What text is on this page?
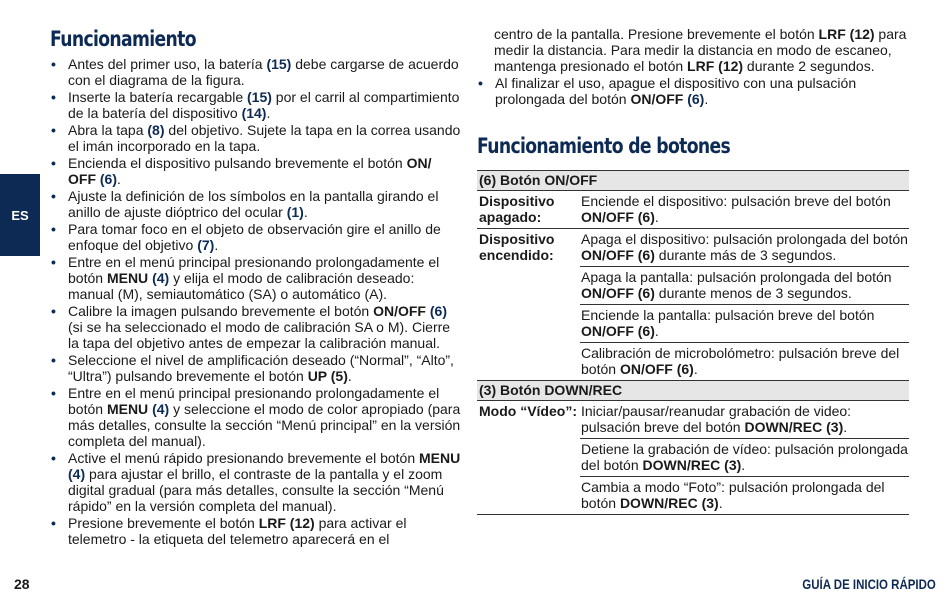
Funcionamiento
• Antes del primer uso, la batería (15) debe cargarse de acuerdo con el diagrama de la figura.
• Inserte la batería recargable (15) por el carril al compartimiento de la batería del dispositivo (14).
• Abra la tapa (8) del objetivo. Sujete la tapa en la correa usando el imán incorporado en la tapa.
• Encienda el dispositivo pulsando brevemente el botón ON/ OFF (6).
• Ajuste la definición de los símbolos en la pantalla girando el anillo de ajuste dióptrico del ocular (1).
• Para tomar foco en el objeto de observación gire el anillo de enfoque del objetivo (7).
• Entre en el menú principal presionando prolongadamente el botón MENU (4) y elija el modo de calibración deseado: manual (M), semiautomático (SA) o automático (A).
• Calibre la imagen pulsando brevemente el botón ON/OFF (6) (si se ha seleccionado el modo de calibración SA o M). Cierre la tapa del objetivo antes de empezar la calibración manual.
• Seleccione el nivel de amplificación deseado (“Normal”, “Alto”, “Ultra”) pulsando brevemente el botón UP (5).
• Entre en el menú principal presionando prolongadamente el botón MENU (4) y seleccione el modo de color apropiado (para más detalles, consulte la sección “Menú principal” en la versión completa del manual).
• Active el menú rápido presionando brevemente el botón MENU (4) para ajustar el brillo, el contraste de la pantalla y el zoom digital gradual (para más detalles, consulte la sección “Menú rápido” en la versión completa del manual).
• Presione brevemente el botón LRF (12) para activar el telemetro - la etiqueta del telemetro aparecerá en el
centro de la pantalla. Presione brevemente el botón LRF (12) para medir la distancia. Para medir la distancia en modo de escaneo, mantenga presionado el botón LRF (12) durante 2 segundos.
• Al finalizar el uso, apague el dispositivo con una pulsación prolongada del botón ON/OFF (6).
Funcionamiento de botones
(6) Botón ON/OFF	
Dispositivo apagado:	Enciende el dispositivo: pulsación breve del botón ON/OFF (6).
Dispositivo encendido:	Apaga el dispositivo: pulsación prolongada del botón ON/OFF (6) durante más de 3 segundos.
	Apaga la pantalla: pulsación prolongada del botón ON/OFF (6) durante menos de 3 segundos.
	Enciende la pantalla: pulsación breve del botón ON/OFF (6).
	Calibración de microbolómetro: pulsación breve del botón ON/OFF (6).
(3) Botón DOWN/REC	
Modo “Vídeo”:	Iniciar/pausar/reanudar grabación de video: pulsación breve del botón DOWN/REC (3).
	Detiene la grabación de vídeo: pulsación prolongada del botón DOWN/REC (3).
	Cambia a modo “Foto”: pulsación prolongada del botón DOWN/REC (3).
ES
28	GUÍA DE INICIO RÁPIDO
